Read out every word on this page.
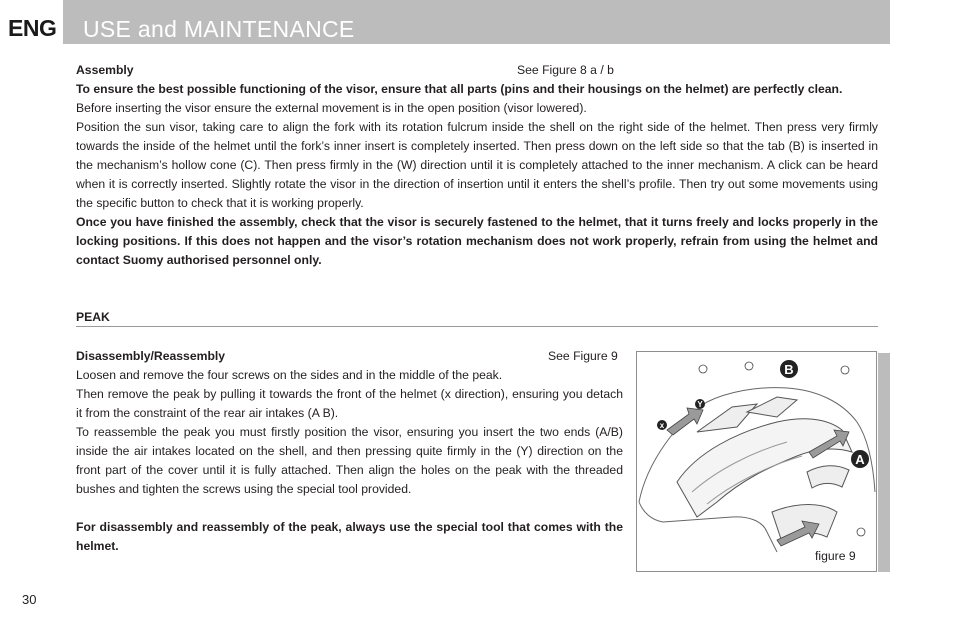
ENG USE and MAINTENANCE
Assembly	See Figure 8 a / b
To ensure the best possible functioning of the visor, ensure that all parts (pins and their housings on the helmet) are perfectly clean.
Before inserting the visor ensure the external movement is in the open position (visor lowered).
Position the sun visor, taking care to align the fork with its rotation fulcrum inside the shell on the right side of the helmet. Then press very firmly towards the inside of the helmet until the fork’s inner insert is completely inserted. Then press down on the left side so that the tab (B) is inserted in the mechanism’s hollow cone (C). Then press firmly in the (W) direction until it is completely attached to the inner mechanism. A click can be heard when it is correctly inserted. Slightly rotate the visor in the direction of insertion until it enters the shell’s profile. Then try out some movements using the specific button to check that it is working properly.
Once you have finished the assembly, check that the visor is securely fastened to the helmet, that it turns freely and locks properly in the locking positions. If this does not happen and the visor’s rotation mechanism does not work properly, refrain from using the helmet and contact Suomy authorised personnel only.
PEAK
Disassembly/Reassembly	See Figure 9
Loosen and remove the four screws on the sides and in the middle of the peak.
Then remove the peak by pulling it towards the front of the helmet (x direction), ensuring you detach it from the constraint of the rear air intakes (A B).
To reassemble the peak you must firstly position the visor, ensuring you insert the two ends (A/B) inside the air intakes located on the shell, and then pressing quite firmly in the (Y) direction on the front part of the cover until it is fully attached. Then align the holes on the peak with the threaded bushes and tighten the screws using the special tool provided.
For disassembly and reassembly of the peak, always use the special tool that comes with the helmet.
B
A
x
Y
figure 9
30
